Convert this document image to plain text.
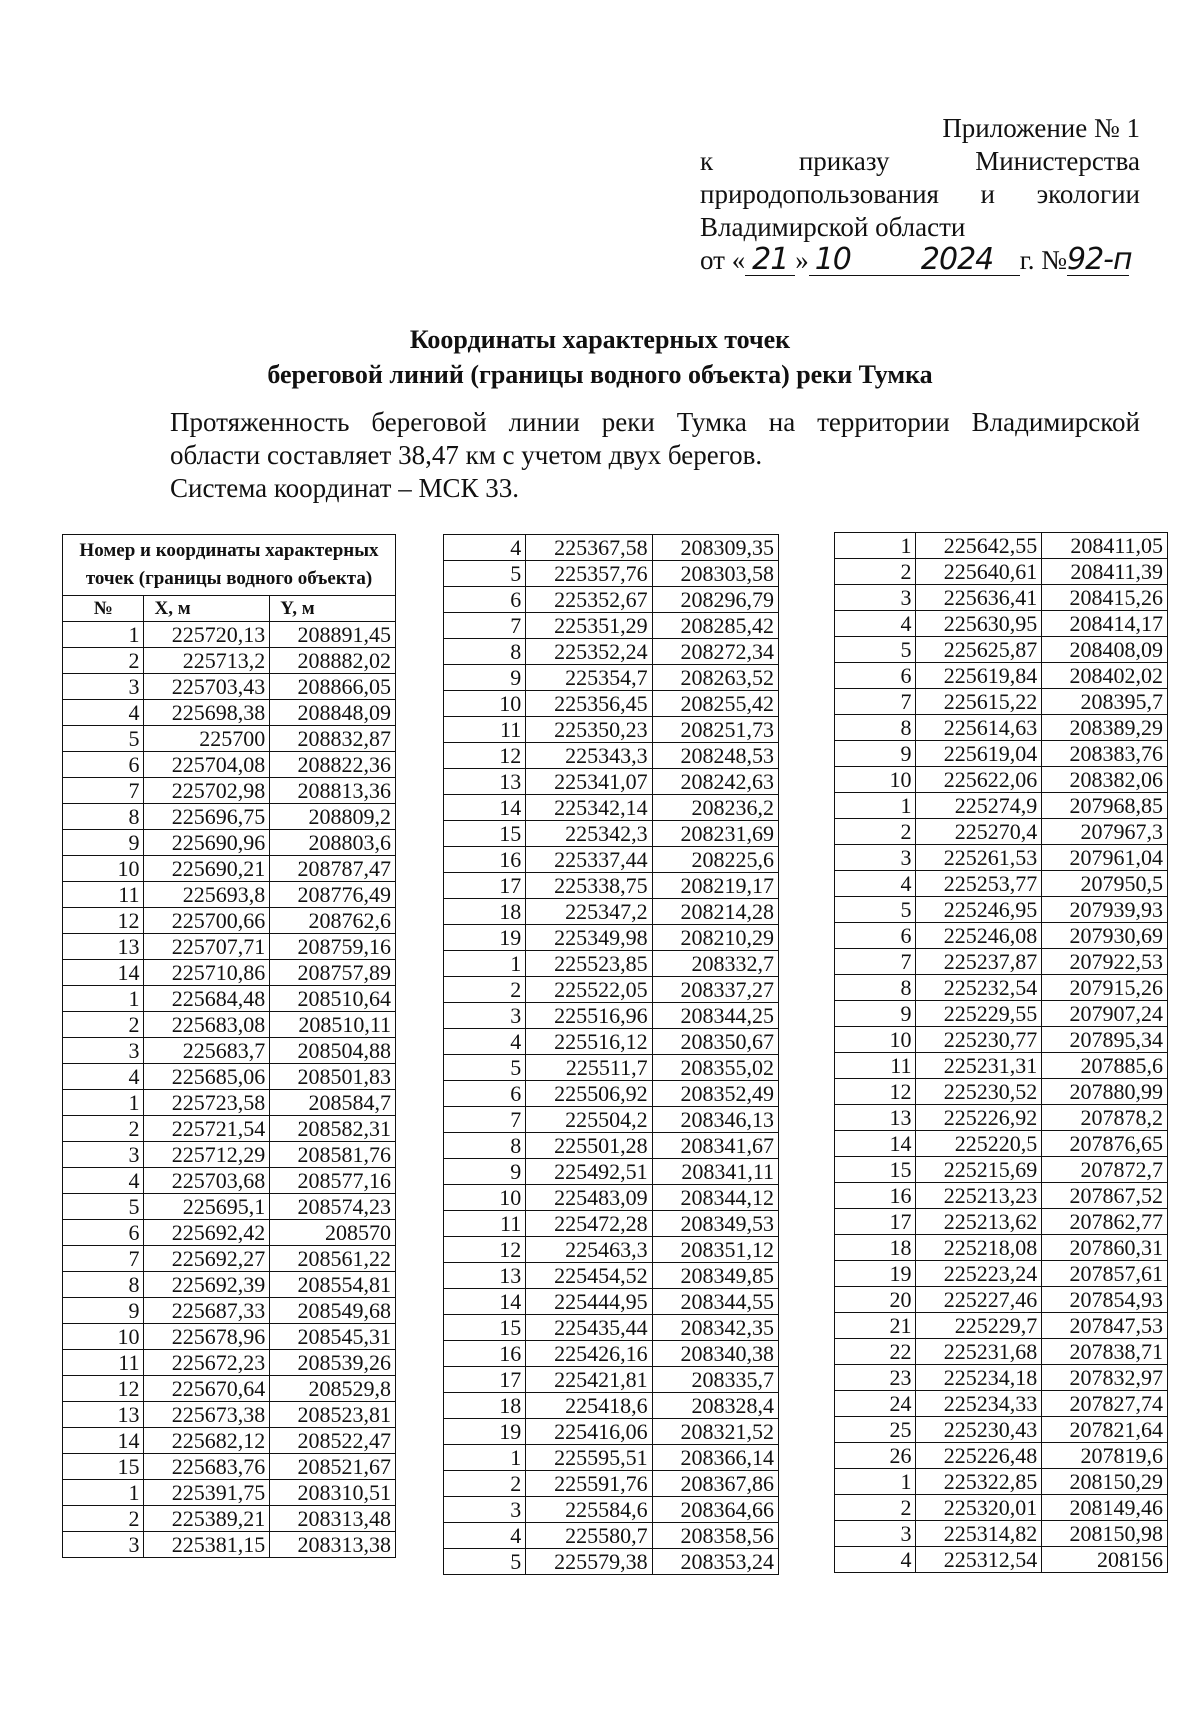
Приложение № 1
к	приказу	Министерства
природопользования и экологии
Владимирской области
от « 21 » 10 2024 г. №92-п
Координаты характерных точек
береговой линий (границы водного объекта) реки Тумка
Протяженность береговой линии реки Тумка на территории Владимирской
области составляет 38,47 км с учетом двух берегов.
Система координат – МСК 33.
Номер и координаты характерных точек (границы водного объекта)		
№	X, м	Y, м
1	225720,13	208891,45
2	225713,2	208882,02
3	225703,43	208866,05
4	225698,38	208848,09
5	225700	208832,87
6	225704,08	208822,36
7	225702,98	208813,36
8	225696,75	208809,2
9	225690,96	208803,6
10	225690,21	208787,47
11	225693,8	208776,49
12	225700,66	208762,6
13	225707,71	208759,16
14	225710,86	208757,89
1	225684,48	208510,64
2	225683,08	208510,11
3	225683,7	208504,88
4	225685,06	208501,83
1	225723,58	208584,7
2	225721,54	208582,31
3	225712,29	208581,76
4	225703,68	208577,16
5	225695,1	208574,23
6	225692,42	208570
7	225692,27	208561,22
8	225692,39	208554,81
9	225687,33	208549,68
10	225678,96	208545,31
11	225672,23	208539,26
12	225670,64	208529,8
13	225673,38	208523,81
14	225682,12	208522,47
15	225683,76	208521,67
1	225391,75	208310,51
2	225389,21	208313,48
3	225381,15	208313,38
4	225367,58	208309,35
5	225357,76	208303,58
6	225352,67	208296,79
7	225351,29	208285,42
8	225352,24	208272,34
9	225354,7	208263,52
10	225356,45	208255,42
11	225350,23	208251,73
12	225343,3	208248,53
13	225341,07	208242,63
14	225342,14	208236,2
15	225342,3	208231,69
16	225337,44	208225,6
17	225338,75	208219,17
18	225347,2	208214,28
19	225349,98	208210,29
1	225523,85	208332,7
2	225522,05	208337,27
3	225516,96	208344,25
4	225516,12	208350,67
5	225511,7	208355,02
6	225506,92	208352,49
7	225504,2	208346,13
8	225501,28	208341,67
9	225492,51	208341,11
10	225483,09	208344,12
11	225472,28	208349,53
12	225463,3	208351,12
13	225454,52	208349,85
14	225444,95	208344,55
15	225435,44	208342,35
16	225426,16	208340,38
17	225421,81	208335,7
18	225418,6	208328,4
19	225416,06	208321,52
1	225595,51	208366,14
2	225591,76	208367,86
3	225584,6	208364,66
4	225580,7	208358,56
5	225579,38	208353,24
1	225642,55	208411,05
2	225640,61	208411,39
3	225636,41	208415,26
4	225630,95	208414,17
5	225625,87	208408,09
6	225619,84	208402,02
7	225615,22	208395,7
8	225614,63	208389,29
9	225619,04	208383,76
10	225622,06	208382,06
1	225274,9	207968,85
2	225270,4	207967,3
3	225261,53	207961,04
4	225253,77	207950,5
5	225246,95	207939,93
6	225246,08	207930,69
7	225237,87	207922,53
8	225232,54	207915,26
9	225229,55	207907,24
10	225230,77	207895,34
11	225231,31	207885,6
12	225230,52	207880,99
13	225226,92	207878,2
14	225220,5	207876,65
15	225215,69	207872,7
16	225213,23	207867,52
17	225213,62	207862,77
18	225218,08	207860,31
19	225223,24	207857,61
20	225227,46	207854,93
21	225229,7	207847,53
22	225231,68	207838,71
23	225234,18	207832,97
24	225234,33	207827,74
25	225230,43	207821,64
26	225226,48	207819,6
1	225322,85	208150,29
2	225320,01	208149,46
3	225314,82	208150,98
4	225312,54	208156
